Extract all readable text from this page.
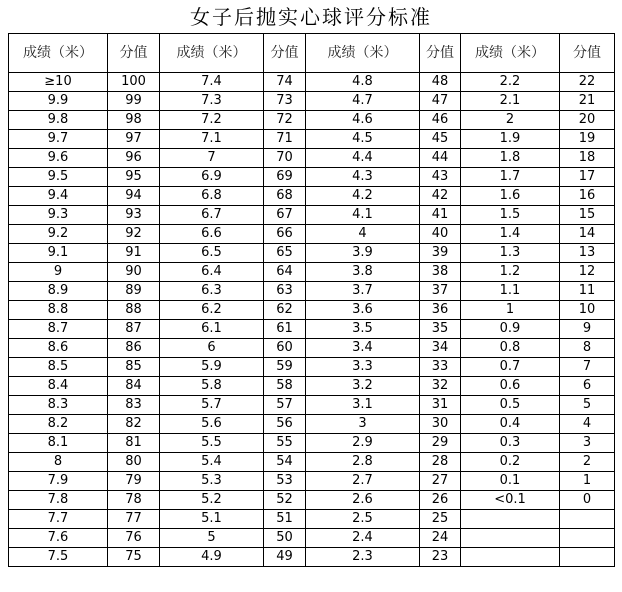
女子后抛实心球评分标准
成绩（米）	分值	成绩（米）	分值	成绩（米）	分值	成绩（米）	分值
≥10	100	7.4	74	4.8	48	2.2	22
9.9	99	7.3	73	4.7	47	2.1	21
9.8	98	7.2	72	4.6	46	2	20
9.7	97	7.1	71	4.5	45	1.9	19
9.6	96	7	70	4.4	44	1.8	18
9.5	95	6.9	69	4.3	43	1.7	17
9.4	94	6.8	68	4.2	42	1.6	16
9.3	93	6.7	67	4.1	41	1.5	15
9.2	92	6.6	66	4	40	1.4	14
9.1	91	6.5	65	3.9	39	1.3	13
9	90	6.4	64	3.8	38	1.2	12
8.9	89	6.3	63	3.7	37	1.1	11
8.8	88	6.2	62	3.6	36	1	10
8.7	87	6.1	61	3.5	35	0.9	9
8.6	86	6	60	3.4	34	0.8	8
8.5	85	5.9	59	3.3	33	0.7	7
8.4	84	5.8	58	3.2	32	0.6	6
8.3	83	5.7	57	3.1	31	0.5	5
8.2	82	5.6	56	3	30	0.4	4
8.1	81	5.5	55	2.9	29	0.3	3
8	80	5.4	54	2.8	28	0.2	2
7.9	79	5.3	53	2.7	27	0.1	1
7.8	78	5.2	52	2.6	26	<0.1	0
7.7	77	5.1	51	2.5	25		
7.6	76	5	50	2.4	24		
7.5	75	4.9	49	2.3	23		
